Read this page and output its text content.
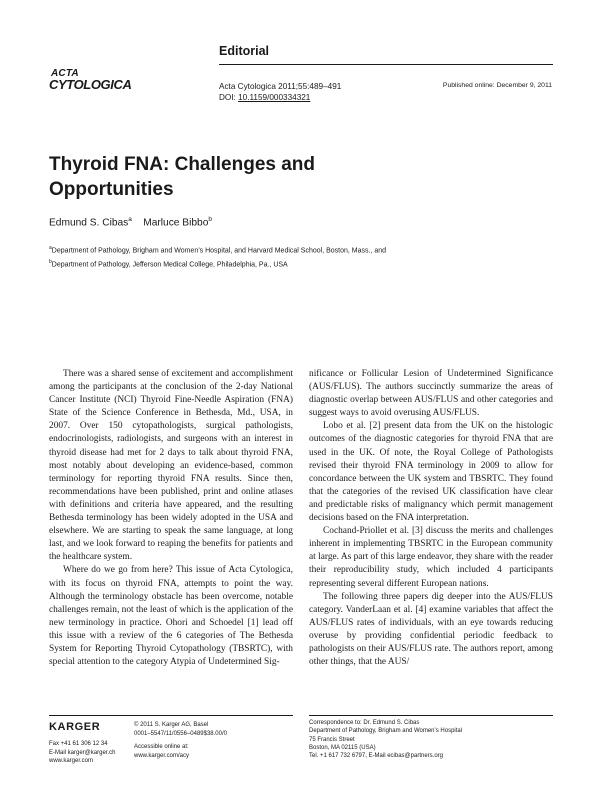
Editorial
ACTA
CYTOLOGICA	Acta Cytologica 2011;55:489–491
DOI: 10.1159/000334321
Published online: December 9, 2011
Thyroid FNA: Challenges and Opportunities
Edmund S. Cibas$^a$ Marluce Bibbo$^b$
$^a$Department of Pathology, Brigham and Women’s Hospital, and Harvard Medical School, Boston, Mass., and
$^b$Department of Pathology, Jefferson Medical College, Philadelphia, Pa., USA

There was a shared sense of excitement and accomplishment among the participants at the conclusion of the 2-day National Cancer Institute (NCI) Thyroid Fine-Needle Aspiration (FNA) State of the Science Conference in Bethesda, Md., USA, in 2007. Over 150 cytopathologists, surgical pathologists, endocrinologists, radiologists, and surgeons with an interest in thyroid disease had met for 2 days to talk about thyroid FNA, most notably about developing an evidence-based, common terminology for reporting thyroid FNA results. Since then, recommendations have been published, print and online atlases with definitions and criteria have appeared, and the resulting Bethesda terminology has been widely adopted in the USA and elsewhere. We are starting to speak the same language, at long last, and we look forward to reaping the benefits for patients and the healthcare system.

Where do we go from here? This issue of Acta Cytologica, with its focus on thyroid FNA, attempts to point the way. Although the terminology obstacle has been overcome, notable challenges remain, not the least of which is the application of the new terminology in practice. Ohori and Schoedel [1] lead off this issue with a review of the 6 categories of The Bethesda System for Reporting Thyroid Cytopathology (TBSRTC), with special attention to the category Atypia of Undetermined Sig-

nificance or Follicular Lesion of Undetermined Significance (AUS/FLUS). The authors succinctly summarize the areas of diagnostic overlap between AUS/FLUS and other categories and suggest ways to avoid overusing AUS/FLUS.

Lobo et al. [2] present data from the UK on the histologic outcomes of the diagnostic categories for thyroid FNA that are used in the UK. Of note, the Royal College of Pathologists revised their thyroid FNA terminology in 2009 to allow for concordance between the UK system and TBSRTC. They found that the categories of the revised UK classification have clear and predictable risks of malignancy which permit management decisions based on the FNA interpretation.

Cochand-Priollet et al. [3] discuss the merits and challenges inherent in implementing TBSRTC in the European community at large. As part of this large endeavor, they share with the reader their reproducibility study, which included 4 participants representing several different European nations.

The following three papers dig deeper into the AUS/FLUS category. VanderLaan et al. [4] examine variables that affect the AUS/FLUS rates of individuals, with an eye towards reducing overuse by providing confidential periodic feedback to pathologists on their AUS/FLUS rate. The authors report, among other things, that the AUS/

KARGER
Fax +41 61 306 12 34
E-Mail karger@karger.ch
www.karger.com
© 2011 S. Karger AG, Basel
0001–5547/11/0556–0489$38.00/0
Accessible online at:
www.karger.com/acy
Correspondence to: Dr. Edmund S. Cibas
Department of Pathology, Brigham and Women’s Hospital
75 Francis Street
Boston, MA 02115 (USA)
Tel. +1 617 732 6797, E-Mail ecibas@partners.org
